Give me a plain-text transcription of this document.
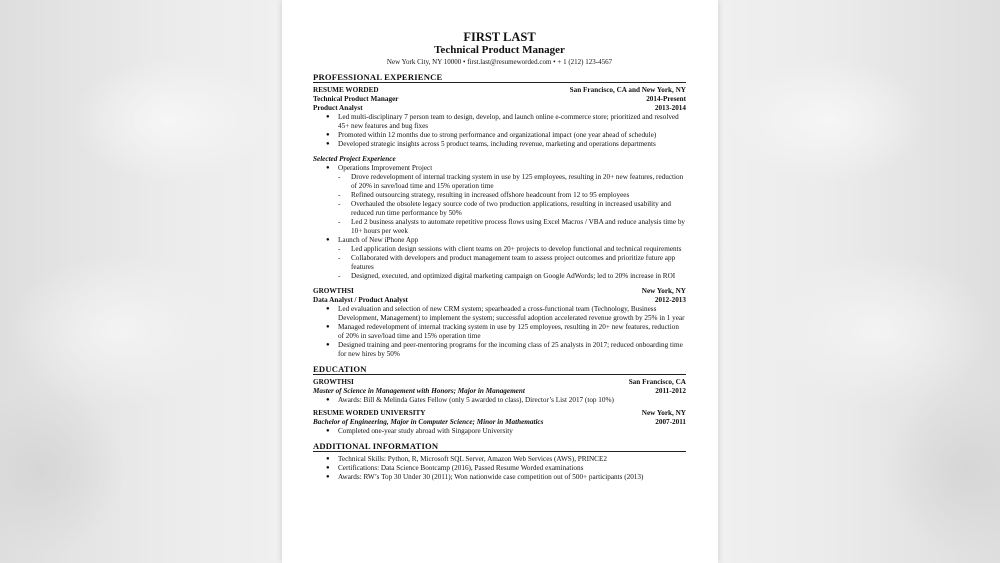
FIRST LAST
Technical Product Manager
New York City, NY 10000 • first.last@resumeworded.com • + 1 (212) 123-4567
PROFESSIONAL EXPERIENCE
RESUME WORDED	San Francisco, CA and New York, NY
Technical Product Manager	2014-Present
Product Analyst	2013-2014
● Led multi-disciplinary 7 person team to design, develop, and launch online e-commerce store; prioritized and resolved 45+ new features and bug fixes
● Promoted within 12 months due to strong performance and organizational impact (one year ahead of schedule)
● Developed strategic insights across 5 product teams, including revenue, marketing and operations departments
Selected Project Experience
● Operations Improvement Project
- Drove redevelopment of internal tracking system in use by 125 employees, resulting in 20+ new features, reduction of 20% in save/load time and 15% operation time
- Refined outsourcing strategy, resulting in increased offshore headcount from 12 to 95 employees
- Overhauled the obsolete legacy source code of two production applications, resulting in increased usability and reduced run time performance by 50%
- Led 2 business analysts to automate repetitive process flows using Excel Macros / VBA and reduce analysis time by 10+ hours per week
● Launch of New iPhone App
- Led application design sessions with client teams on 20+ projects to develop functional and technical requirements
- Collaborated with developers and product management team to assess project outcomes and prioritize future app features
- Designed, executed, and optimized digital marketing campaign on Google AdWords; led to 20% increase in ROI
GROWTHSI	New York, NY
Data Analyst / Product Analyst	2012-2013
● Led evaluation and selection of new CRM system; spearheaded a cross-functional team (Technology, Business Development, Management) to implement the system; successful adoption accelerated revenue growth by 25% in 1 year
● Managed redevelopment of internal tracking system in use by 125 employees, resulting in 20+ new features, reduction of 20% in save/load time and 15% operation time
● Designed training and peer-mentoring programs for the incoming class of 25 analysts in 2017; reduced onboarding time for new hires by 50%
EDUCATION
GROWTHSI	San Francisco, CA
Master of Science in Management with Honors; Major in Management	2011-2012
● Awards: Bill & Melinda Gates Fellow (only 5 awarded to class), Director’s List 2017 (top 10%)
RESUME WORDED UNIVERSITY	New York, NY
Bachelor of Engineering, Major in Computer Science; Minor in Mathematics	2007-2011
● Completed one-year study abroad with Singapore University
ADDITIONAL INFORMATION
● Technical Skills: Python, R, Microsoft SQL Server, Amazon Web Services (AWS), PRINCE2
● Certifications: Data Science Bootcamp (2016), Passed Resume Worded examinations
● Awards: RW’s Top 30 Under 30 (2011); Won nationwide case competition out of 500+ participants (2013)
